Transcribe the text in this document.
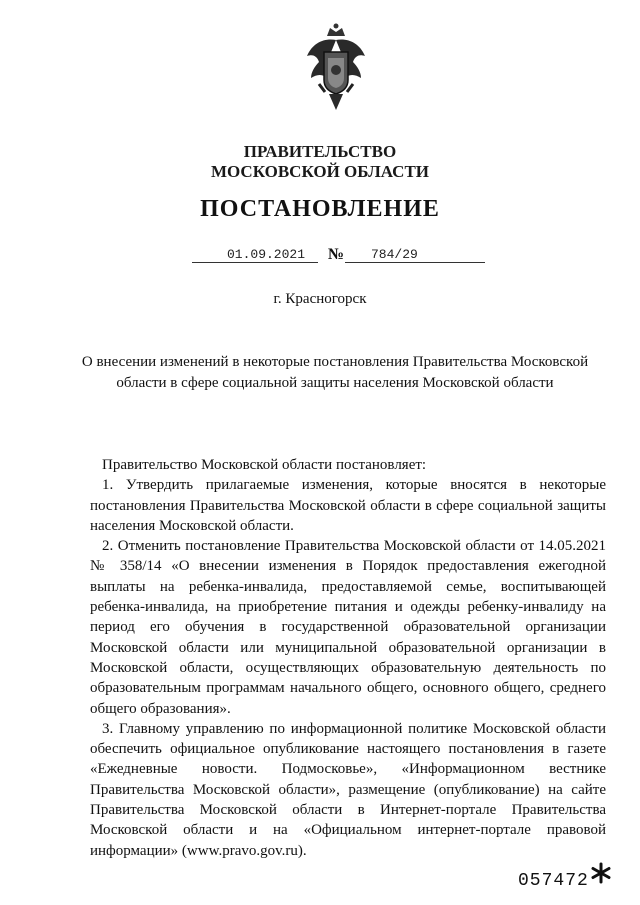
ПРАВИТЕЛЬСТВО
МОСКОВСКОЙ ОБЛАСТИ
ПОСТАНОВЛЕНИЕ
01.09.2021	№	784/29
г. Красногорск
О внесении изменений в некоторые постановления Правительства Московской области в сфере социальной защиты населения Московской области

Правительство Московской области постановляет:

1. Утвердить прилагаемые изменения, которые вносятся в некоторые постановления Правительства Московской области в сфере социальной защиты населения Московской области.

2. Отменить постановление Правительства Московской области от 14.05.2021 № 358/14 «О внесении изменения в Порядок предоставления ежегодной выплаты на ребенка-инвалида, предоставляемой семье, воспитывающей ребенка-инвалида, на приобретение питания и одежды ребенку-инвалиду на период его обучения в государственной образовательной организации Московской области или муниципальной образовательной организации в Московской области, осуществляющих образовательную деятельность по образовательным программам начального общего, основного общего, среднего общего образования».

3. Главному управлению по информационной политике Московской области обеспечить официальное опубликование настоящего постановления в газете «Ежедневные новости. Подмосковье», «Информационном вестнике Правительства Московской области», размещение (опубликование) на сайте Правительства Московской области в Интернет-портале Правительства Московской области и на «Официальном интернет-портале правовой информации» (www.pravo.gov.ru).

057472
